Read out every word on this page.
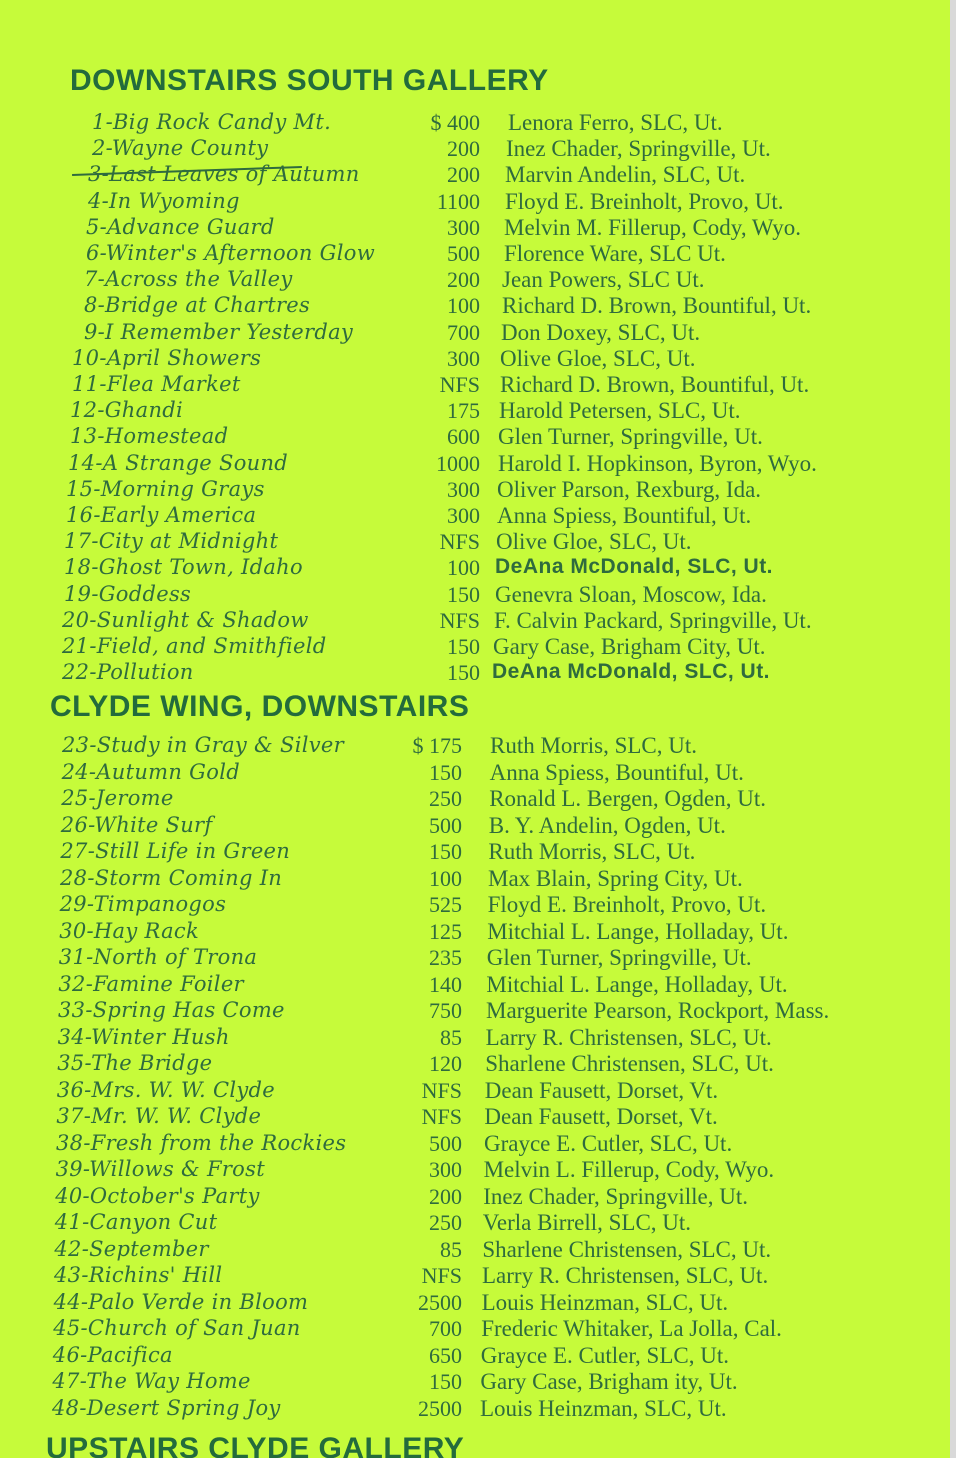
DOWNSTAIRS SOUTH GALLERY
1-Big Rock Candy Mt.	$ 400 Lenora Ferro, SLC, Ut.
2-Wayne County	200 Inez Chader, Springville, Ut.
3-Last Leaves of Autumn	200 Marvin Andelin, SLC, Ut.
4-In Wyoming	1100 Floyd E. Breinholt, Provo, Ut.
5-Advance Guard	300 Melvin M. Fillerup, Cody, Wyo.
6-Winter's Afternoon Glow	500 Florence Ware, SLC Ut.
7-Across the Valley	200 Jean Powers, SLC Ut.
8-Bridge at Chartres	100 Richard D. Brown, Bountiful, Ut.
9-I Remember Yesterday	700 Don Doxey, SLC, Ut.
10-April Showers	300 Olive Gloe, SLC, Ut.
11-Flea Market	NFS Richard D. Brown, Bountiful, Ut.
12-Ghandi	175 Harold Petersen, SLC, Ut.
13-Homestead	600 Glen Turner, Springville, Ut.
14-A Strange Sound	1000 Harold I. Hopkinson, Byron, Wyo.
15-Morning Grays	300 Oliver Parson, Rexburg, Ida.
16-Early America	300 Anna Spiess, Bountiful, Ut.
17-City at Midnight	NFS Olive Gloe, SLC, Ut.
18-Ghost Town, Idaho	100 DeAna McDonald, SLC, Ut.
19-Goddess	150 Genevra Sloan, Moscow, Ida.
20-Sunlight & Shadow	NFS F. Calvin Packard, Springville, Ut.
21-Field, and Smithfield	150 Gary Case, Brigham City, Ut.
22-Pollution	150 DeAna McDonald, SLC, Ut.
CLYDE WING, DOWNSTAIRS
23-Study in Gray & Silver	$ 175 Ruth Morris, SLC, Ut.
24-Autumn Gold	150 Anna Spiess, Bountiful, Ut.
25-Jerome	250 Ronald L. Bergen, Ogden, Ut.
26-White Surf	500 B. Y. Andelin, Ogden, Ut.
27-Still Life in Green	150 Ruth Morris, SLC, Ut.
28-Storm Coming In	100 Max Blain, Spring City, Ut.
29-Timpanogos	525 Floyd E. Breinholt, Provo, Ut.
30-Hay Rack	125 Mitchial L. Lange, Holladay, Ut.
31-North of Trona	235 Glen Turner, Springville, Ut.
32-Famine Foiler	140 Mitchial L. Lange, Holladay, Ut.
33-Spring Has Come	750 Marguerite Pearson, Rockport, Mass.
34-Winter Hush	85 Larry R. Christensen, SLC, Ut.
35-The Bridge	120 Sharlene Christensen, SLC, Ut.
36-Mrs. W. W. Clyde	NFS Dean Fausett, Dorset, Vt.
37-Mr. W. W. Clyde	NFS Dean Fausett, Dorset, Vt.
38-Fresh from the Rockies	500 Grayce E. Cutler, SLC, Ut.
39-Willows & Frost	300 Melvin L. Fillerup, Cody, Wyo.
40-October's Party	200 Inez Chader, Springville, Ut.
41-Canyon Cut	250 Verla Birrell, SLC, Ut.
42-September	85 Sharlene Christensen, SLC, Ut.
43-Richins' Hill	NFS Larry R. Christensen, SLC, Ut.
44-Palo Verde in Bloom	2500 Louis Heinzman, SLC, Ut.
45-Church of San Juan	700 Frederic Whitaker, La Jolla, Cal.
46-Pacifica	650 Grayce E. Cutler, SLC, Ut.
47-The Way Home	150 Gary Case, Brigham ity, Ut.
48-Desert Spring Joy	2500 Louis Heinzman, SLC, Ut.
UPSTAIRS CLYDE GALLERY
